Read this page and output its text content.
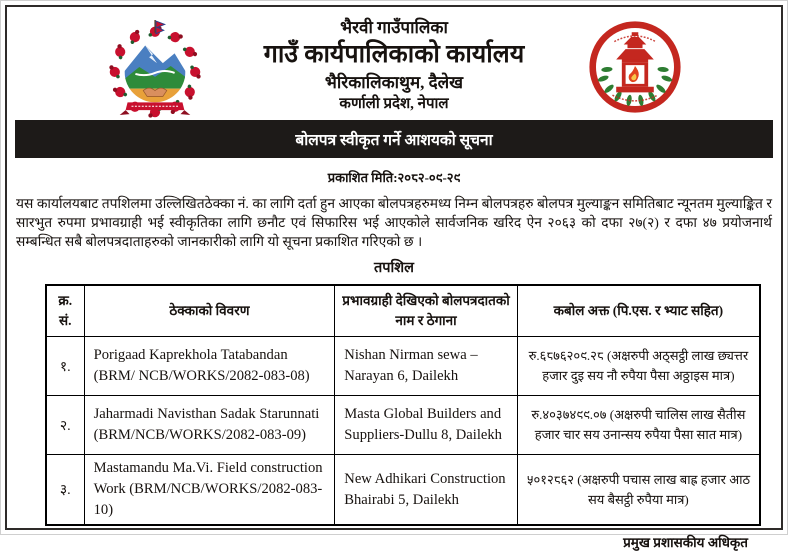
भैरवी गाउँपालिका
गाउँ कार्यपालिकाको कार्यालय
भैरिकालिकाथुम, दैलेख
कर्णाली प्रदेश, नेपाल
बोलपत्र स्वीकृत गर्ने आशयको सूचना
प्रकाशित मिति:२०८२-०९-२९
यस कार्यालयबाट तपशिलमा उल्लिखितठेक्का नं. का लागि दर्ता हुन आएका बोलपत्रहरुमध्य निम्न बोलपत्रहरु बोलपत्र मुल्याङ्कन समितिबाट न्यूनतम मुल्याङ्कित र सारभुत रुपमा प्रभावग्राही भई स्वीकृतिका लागि छनौट एवं सिफारिस भई आएकोले सार्वजनिक खरिद ऐन २०६३ को दफा २७(२) र दफा ४७ प्रयोजनार्थ सम्बन्धित सबै बोलपत्रदाताहरुको जानकारीको लागि यो सूचना प्रकाशित गरिएको छ ।
तपशिल
क्र. सं.	ठेक्काको विवरण	प्रभावग्राही देखिएको बोलपत्रदातको नाम र ठेगाना	कबोल अक्त (पि.एस. र भ्याट सहित)
१.	Porigaad Kaprekhola Tatabandan (BRM/ NCB/WORKS/2082-083-08)	Nishan Nirman sewa – Narayan 6, Dailekh	रु.६८७६२०९.२८ (अक्षरुपी अठ्सट्ठी लाख छ्यत्तर हजार दुइ सय नौ रुपैया पैसा अठ्ठाइस मात्र)
२.	Jaharmadi Navisthan Sadak Starunnati (BRM/NCB/WORKS/2082-083-09)	Masta Global Builders and Suppliers-Dullu 8, Dailekh	रु.४०३७४९९.०७ (अक्षरुपी चालिस लाख सैतीस हजार चार सय उनान्सय रुपैया पैसा सात मात्र)
३.	Mastamandu Ma.Vi. Field construction Work (BRM/NCB/WORKS/2082-083-10)	New Adhikari Construction Bhairabi 5, Dailekh	५०१२८६२ (अक्षरुपी पचास लाख बाह्र हजार आठ सय बैसट्ठी रुपैया मात्र)
प्रमुख प्रशासकीय अधिकृत
